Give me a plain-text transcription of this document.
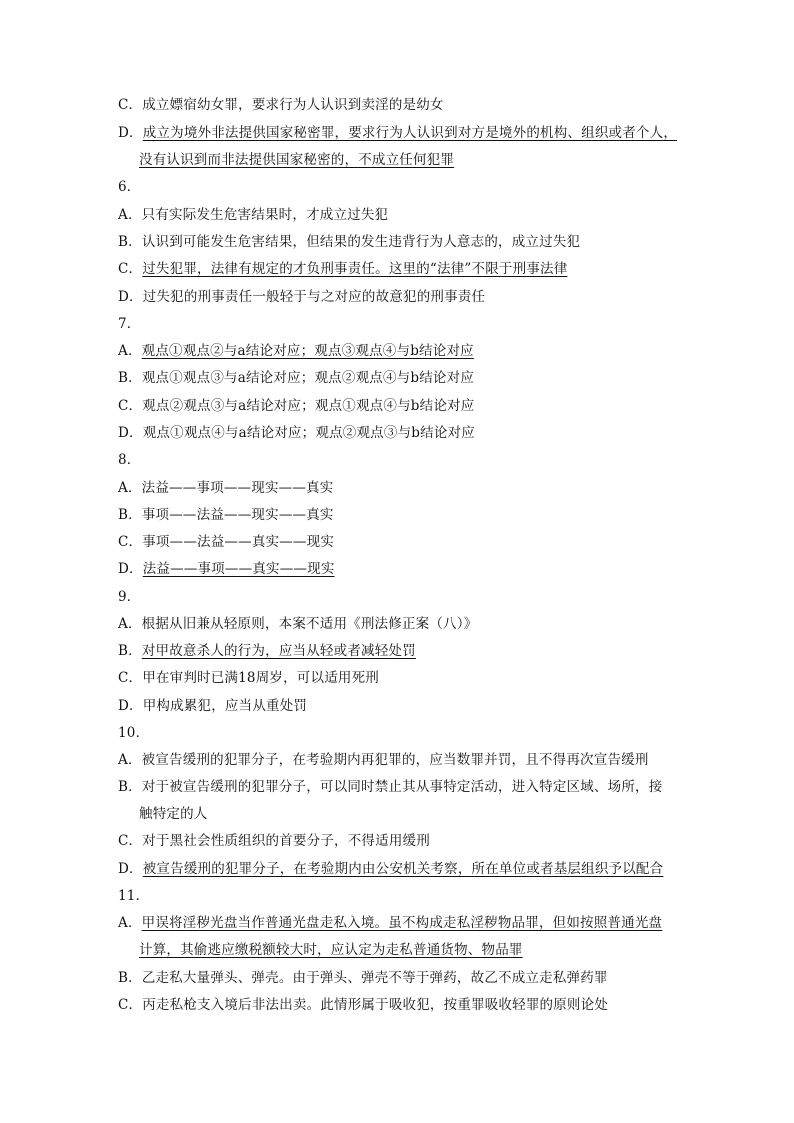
C．成立嫖宿幼女罪，要求行为人认识到卖淫的是幼女
D．成立为境外非法提供国家秘密罪，要求行为人认识到对方是境外的机构、组织或者个人，
没有认识到而非法提供国家秘密的，不成立任何犯罪
6．
A．只有实际发生危害结果时，才成立过失犯
B．认识到可能发生危害结果，但结果的发生违背行为人意志的，成立过失犯
C．过失犯罪，法律有规定的才负刑事责任。这里的“法律”不限于刑事法律
D．过失犯的刑事责任一般轻于与之对应的故意犯的刑事责任
7．
A．观点①观点②与a结论对应；观点③观点④与b结论对应
B．观点①观点③与a结论对应；观点②观点④与b结论对应
C．观点②观点③与a结论对应；观点①观点④与b结论对应
D．观点①观点④与a结论对应；观点②观点③与b结论对应
8．
A．法益——事项——现实——真实
B．事项——法益——现实——真实
C．事项——法益——真实——现实
D．法益——事项——真实——现实
9．
A．根据从旧兼从轻原则，本案不适用《刑法修正案（八）》
B．对甲故意杀人的行为，应当从轻或者减轻处罚
C．甲在审判时已满18周岁，可以适用死刑
D．甲构成累犯，应当从重处罚
10．
A．被宣告缓刑的犯罪分子，在考验期内再犯罪的，应当数罪并罚，且不得再次宣告缓刑
B．对于被宣告缓刑的犯罪分子，可以同时禁止其从事特定活动，进入特定区域、场所，接
触特定的人
C．对于黑社会性质组织的首要分子，不得适用缓刑
D．被宣告缓刑的犯罪分子，在考验期内由公安机关考察，所在单位或者基层组织予以配合
11．
A．甲误将淫秽光盘当作普通光盘走私入境。虽不构成走私淫秽物品罪，但如按照普通光盘
计算，其偷逃应缴税额较大时，应认定为走私普通货物、物品罪
B．乙走私大量弹头、弹壳。由于弹头、弹壳不等于弹药，故乙不成立走私弹药罪
C．丙走私枪支入境后非法出卖。此情形属于吸收犯，按重罪吸收轻罪的原则论处
